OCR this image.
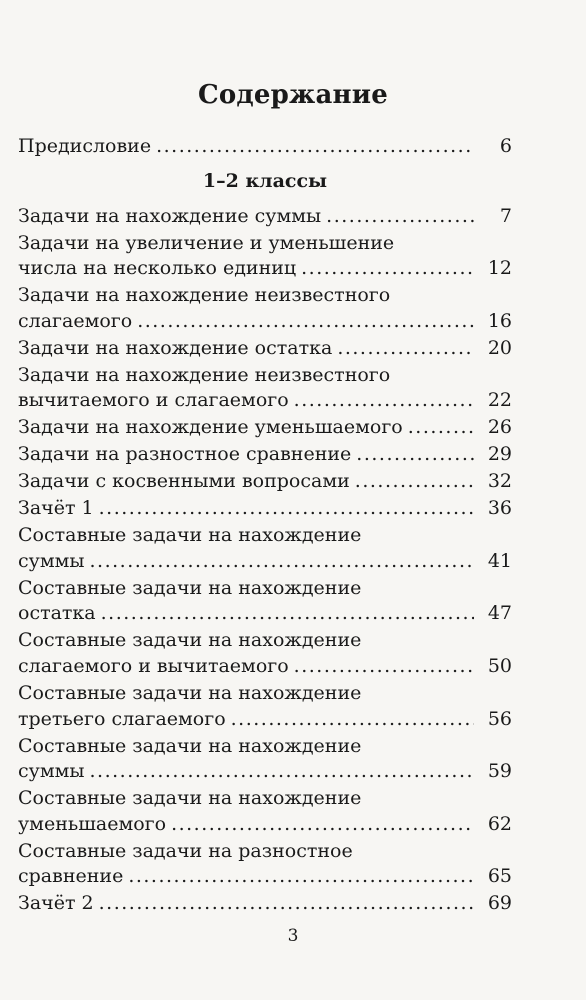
Содержание
Предисловие .....	6
1–2 классы
Задачи на нахождение суммы .....	7
Задачи на увеличение и уменьшение
числа на несколько единиц .....	12
Задачи на нахождение неизвестного
слагаемого .....	16
Задачи на нахождение остатка .....	20
Задачи на нахождение неизвестного
вычитаемого и слагаемого .....	22
Задачи на нахождение уменьшаемого .....	26
Задачи на разностное сравнение .....	29
Задачи с косвенными вопросами .....	32
Зачёт 1 .....	36
Составные задачи на нахождение
суммы .....	41
Составные задачи на нахождение
остатка .....	47
Составные задачи на нахождение
слагаемого и вычитаемого .....	50
Составные задачи на нахождение
третьего слагаемого .....	56
Составные задачи на нахождение
суммы .....	59
Составные задачи на нахождение
уменьшаемого .....	62
Составные задачи на разностное
сравнение .....	65
Зачёт 2 .....	69
3
